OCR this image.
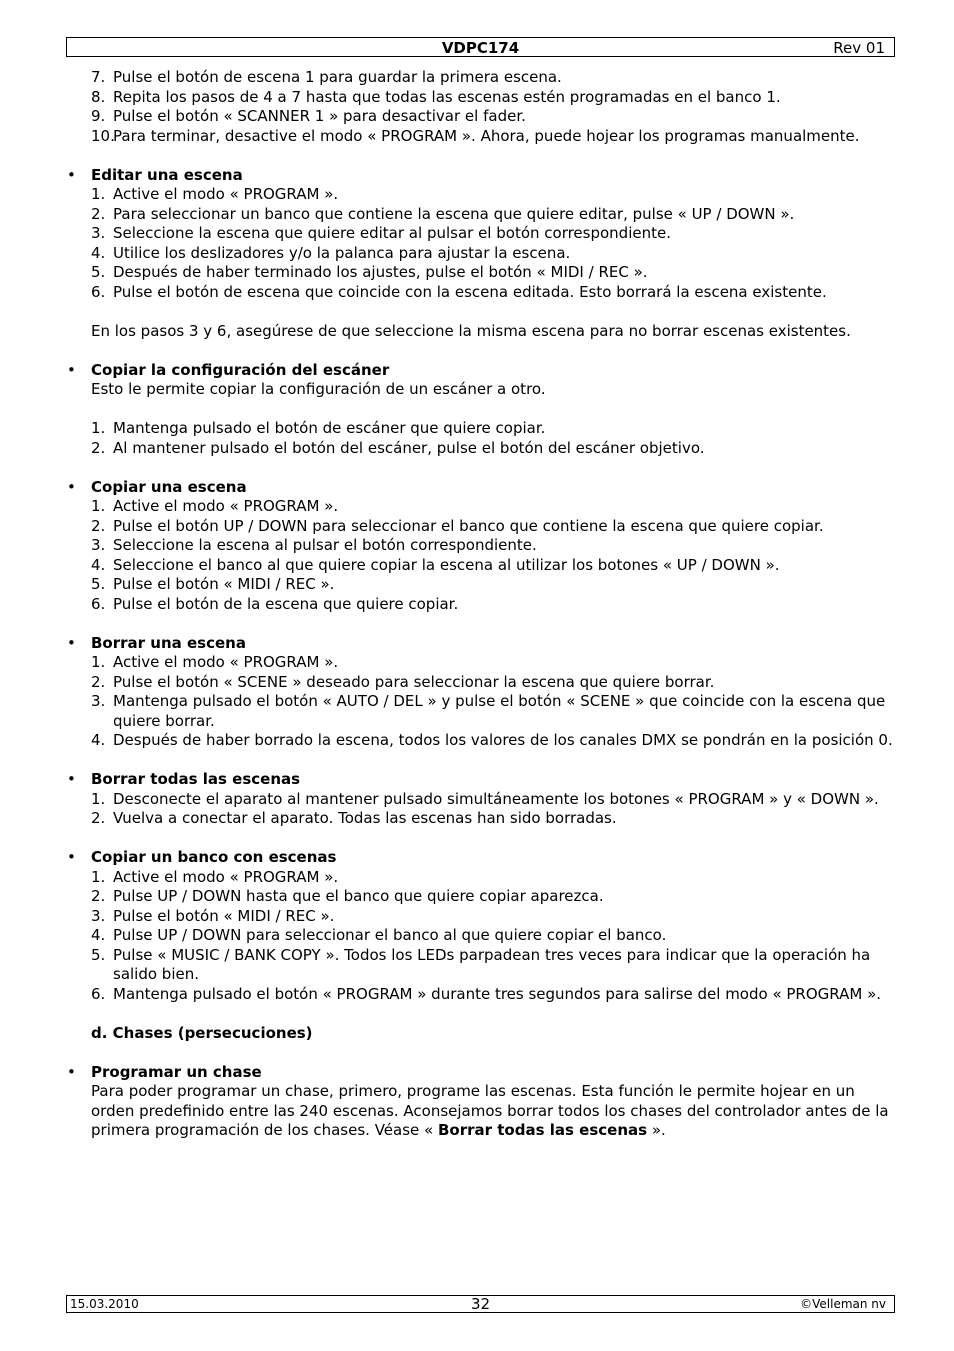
VDPC174	Rev 01
7. Pulse el botón de escena 1 para guardar la primera escena.
8. Repita los pasos de 4 a 7 hasta que todas las escenas estén programadas en el banco 1.
9. Pulse el botón « SCANNER 1 » para desactivar el fader.
10.
Para terminar, desactive el modo « PROGRAM ». Ahora, puede hojear los programas manualmente.
• Editar una escena
1. Active el modo « PROGRAM ».
2. Para seleccionar un banco que contiene la escena que quiere editar, pulse « UP / DOWN ».
3. Seleccione la escena que quiere editar al pulsar el botón correspondiente.
4. Utilice los deslizadores y/o la palanca para ajustar la escena.
5. Después de haber terminado los ajustes, pulse el botón « MIDI / REC ».
6. Pulse el botón de escena que coincide con la escena editada. Esto borrará la escena existente.
En los pasos 3 y 6, asegúrese de que seleccione la misma escena para no borrar escenas existentes.
• Copiar la configuración del escáner
Esto le permite copiar la configuración de un escáner a otro.
1. Mantenga pulsado el botón de escáner que quiere copiar.
2. Al mantener pulsado el botón del escáner, pulse el botón del escáner objetivo.
• Copiar una escena
1. Active el modo « PROGRAM ».
2. Pulse el botón UP / DOWN para seleccionar el banco que contiene la escena que quiere copiar.
3. Seleccione la escena al pulsar el botón correspondiente.
4. Seleccione el banco al que quiere copiar la escena al utilizar los botones « UP / DOWN ».
5. Pulse el botón « MIDI / REC ».
6. Pulse el botón de la escena que quiere copiar.
• Borrar una escena
1. Active el modo « PROGRAM ».
2. Pulse el botón « SCENE » deseado para seleccionar la escena que quiere borrar.
3. Mantenga pulsado el botón « AUTO / DEL » y pulse el botón « SCENE » que coincide con la escena que quiere borrar.
4. Después de haber borrado la escena, todos los valores de los canales DMX se pondrán en la posición 0.
• Borrar todas las escenas
1. Desconecte el aparato al mantener pulsado simultáneamente los botones « PROGRAM » y « DOWN ».
2. Vuelva a conectar el aparato. Todas las escenas han sido borradas.
• Copiar un banco con escenas
1. Active el modo « PROGRAM ».
2. Pulse UP / DOWN hasta que el banco que quiere copiar aparezca.
3. Pulse el botón « MIDI / REC ».
4. Pulse UP / DOWN para seleccionar el banco al que quiere copiar el banco.
5. Pulse « MUSIC / BANK COPY ». Todos los LEDs parpadean tres veces para indicar que la operación ha salido bien.
6. Mantenga pulsado el botón « PROGRAM » durante tres segundos para salirse del modo « PROGRAM ».
d. Chases (persecuciones)
• Programar un chase
Para poder programar un chase, primero, programe las escenas. Esta función le permite hojear en un orden predefinido entre las 240 escenas. Aconsejamos borrar todos los chases del controlador antes de la primera programación de los chases. Véase « Borrar todas las escenas ».
15.03.2010	32	©Velleman nv
